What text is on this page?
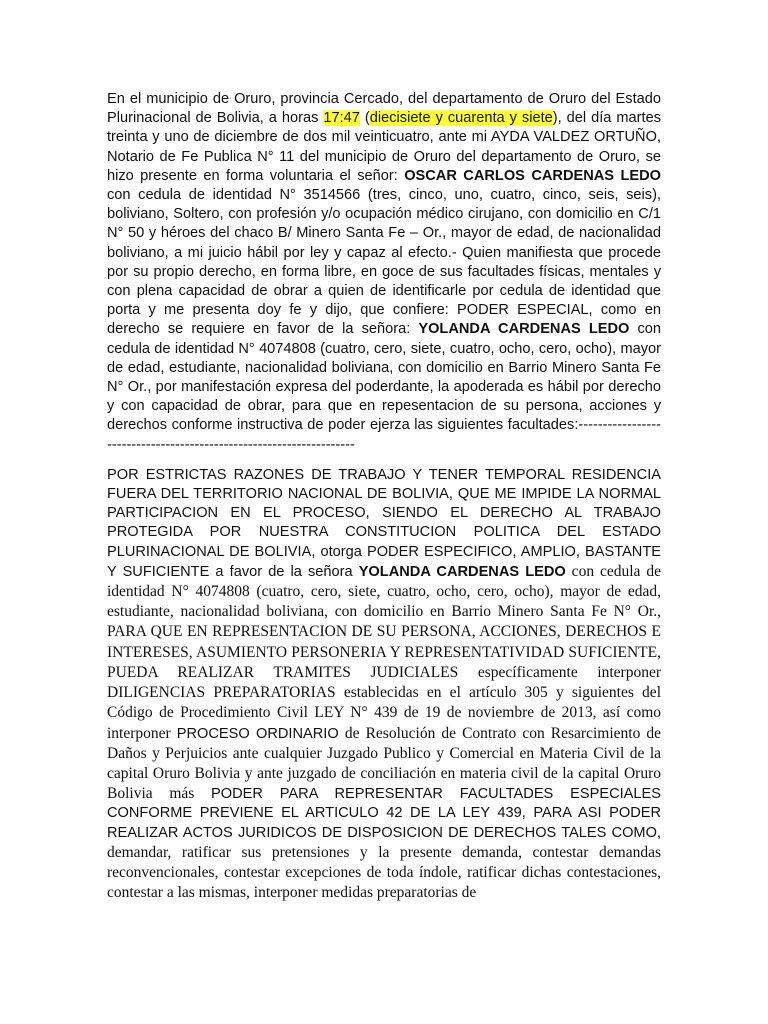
En el municipio de Oruro, provincia Cercado, del departamento de Oruro del Estado Plurinacional de Bolivia, a horas 17:47 (diecisiete y cuarenta y siete), del día martes treinta y uno de diciembre de dos mil veinticuatro, ante mi AYDA VALDEZ ORTUÑO, Notario de Fe Publica N° 11 del municipio de Oruro del departamento de Oruro, se hizo presente en forma voluntaria el señor: OSCAR CARLOS CARDENAS LEDO con cedula de identidad N° 3514566 (tres, cinco, uno, cuatro, cinco, seis, seis), boliviano, Soltero, con profesión y/o ocupación médico cirujano, con domicilio en C/1 N° 50 y héroes del chaco B/ Minero Santa Fe – Or., mayor de edad, de nacionalidad boliviano, a mi juicio hábil por ley y capaz al efecto.- Quien manifiesta que procede por su propio derecho, en forma libre, en goce de sus facultades físicas, mentales y con plena capacidad de obrar a quien de identificarle por cedula de identidad que porta y me presenta doy fe y dijo, que confiere: PODER ESPECIAL, como en derecho se requiere en favor de la señora: YOLANDA CARDENAS LEDO con cedula de identidad N° 4074808 (cuatro, cero, siete, cuatro, ocho, cero, ocho), mayor de edad, estudiante, nacionalidad boliviana, con domicilio en Barrio Minero Santa Fe N° Or., por manifestación expresa del poderdante, la apoderada es hábil por derecho y con capacidad de obrar, para que en repesentacion de su persona, acciones y derechos conforme instructiva de poder ejerza las siguientes facultades:--------------------------------------------------------------------

POR ESTRICTAS RAZONES DE TRABAJO Y TENER TEMPORAL RESIDENCIA FUERA DEL TERRITORIO NACIONAL DE BOLIVIA, QUE ME IMPIDE LA NORMAL PARTICIPACION EN EL PROCESO, SIENDO EL DERECHO AL TRABAJO PROTEGIDA POR NUESTRA CONSTITUCION POLITICA DEL ESTADO PLURINACIONAL DE BOLIVIA, otorga PODER ESPECIFICO, AMPLIO, BASTANTE Y SUFICIENTE a favor de la señora YOLANDA CARDENAS LEDO con cedula de identidad N° 4074808 (cuatro, cero, siete, cuatro, ocho, cero, ocho), mayor de edad, estudiante, nacionalidad boliviana, con domicilio en Barrio Minero Santa Fe N° Or., PARA QUE EN REPRESENTACION DE SU PERSONA, ACCIONES, DERECHOS E INTERESES, ASUMIENTO PERSONERIA Y REPRESENTATIVIDAD SUFICIENTE, PUEDA REALIZAR TRAMITES JUDICIALES específicamente interponer DILIGENCIAS PREPARATORIAS establecidas en el artículo 305 y siguientes del Código de Procedimiento Civil LEY N° 439 de 19 de noviembre de 2013, así como interponer PROCESO ORDINARIO de Resolución de Contrato con Resarcimiento de Daños y Perjuicios ante cualquier Juzgado Publico y Comercial en Materia Civil de la capital Oruro Bolivia y ante juzgado de conciliación en materia civil de la capital Oruro Bolivia más PODER PARA REPRESENTAR FACULTADES ESPECIALES CONFORME PREVIENE EL ARTICULO 42 DE LA LEY 439, PARA ASI PODER REALIZAR ACTOS JURIDICOS DE DISPOSICION DE DERECHOS TALES COMO, demandar, ratificar sus pretensiones y la presente demanda, contestar demandas reconvencionales, contestar excepciones de toda índole, ratificar dichas contestaciones, contestar a las mismas, interponer medidas preparatorias de
